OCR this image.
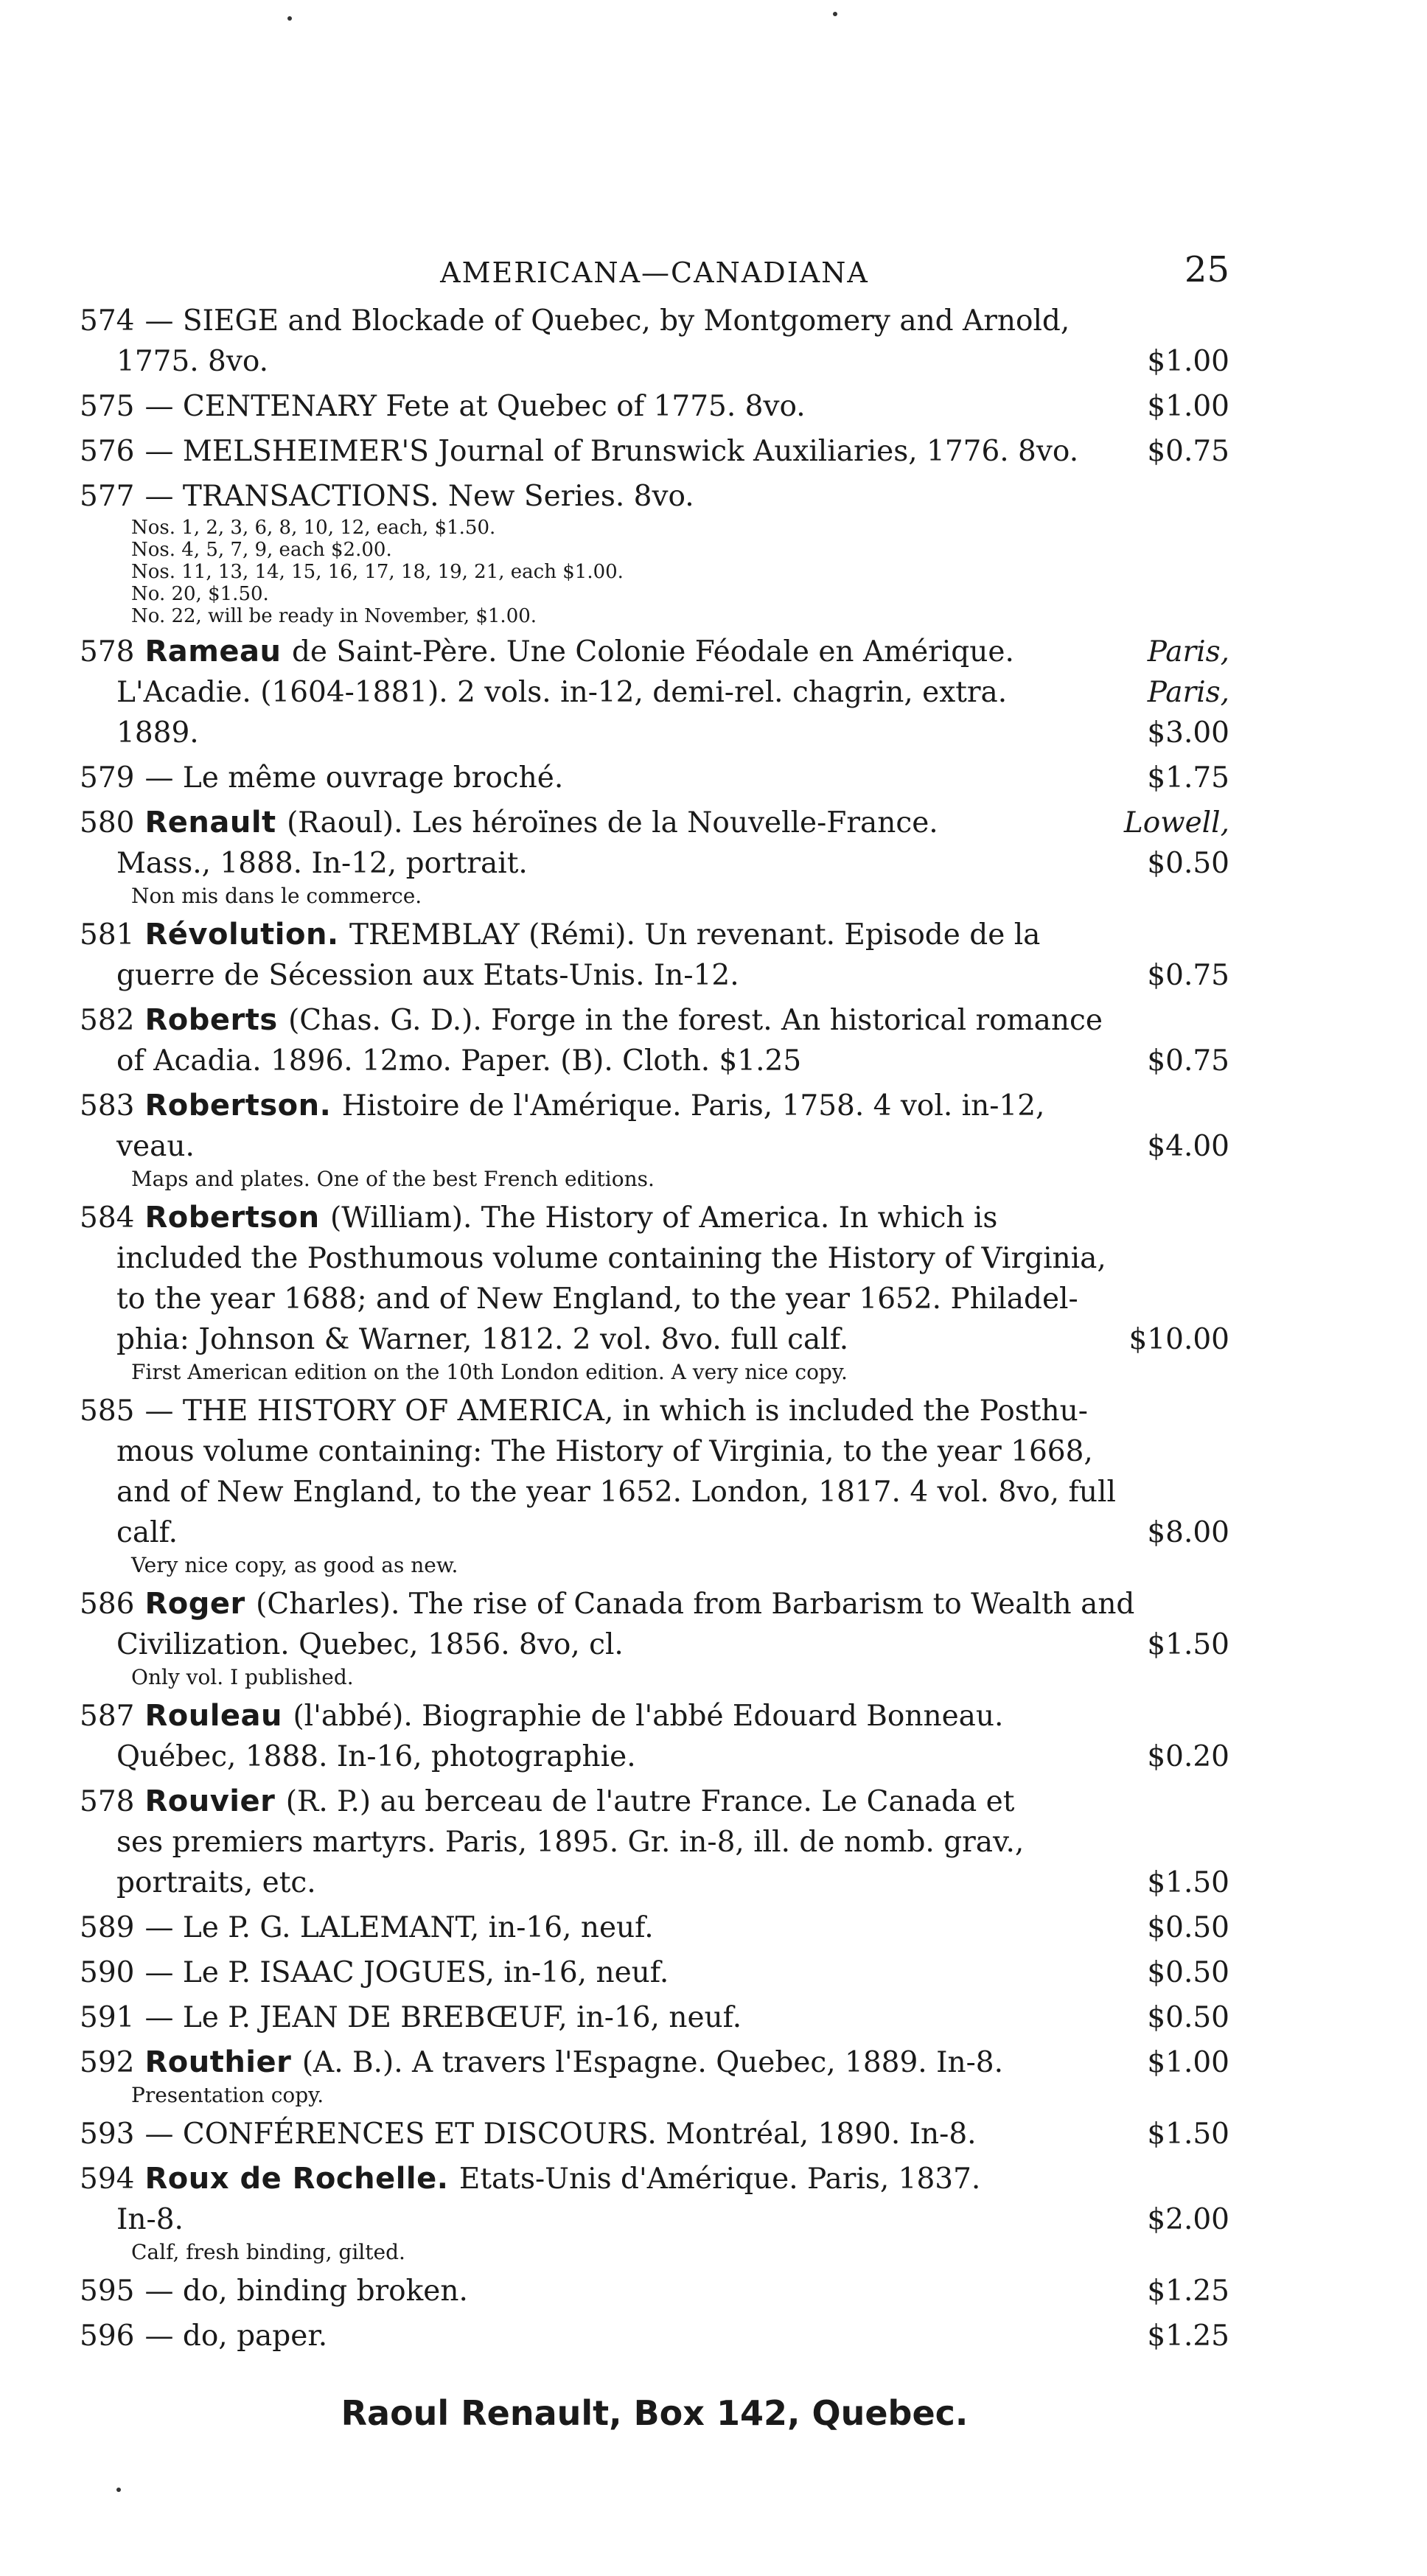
AMERICANA—CANADIANA	25
574 — SIEGE and Blockade of Quebec, by Montgomery and Arnold,
1775. 8vo.	$1.00
575 — CENTENARY Fete at Quebec of 1775. 8vo.	$1.00
576 — MELSHEIMER'S Journal of Brunswick Auxiliaries, 1776. 8vo. $0.75
577 — TRANSACTIONS. New Series. 8vo.
Nos. 1, 2, 3, 6, 8, 10, 12, each, $1.50.
Nos. 4, 5, 7, 9, each $2.00.
Nos. 11, 13, 14, 15, 16, 17, 18, 19, 21, each $1.00.
No. 20, $1.50.
No. 22, will be ready in November, $1.00.
578 Rameau de Saint-Père. Une Colonie Féodale en Amérique.	Paris,
L'Acadie. (1604-1881). 2 vols. in-12, demi-rel. chagrin, extra.	Paris,
1889.	$3.00
579 — Le même ouvrage broché.	$1.75
580 Renault (Raoul). Les héroïnes de la Nouvelle-France.	Lowell,
Mass., 1888. In-12, portrait.	$0.50
Non mis dans le commerce.
581 Révolution. TREMBLAY (Rémi). Un revenant. Episode de la
guerre de Sécession aux Etats-Unis. In-12.	$0.75
582 Roberts (Chas. G. D.). Forge in the forest. An historical romance
of Acadia. 1896. 12mo. Paper. (B). Cloth. $1.25	$0.75
583 Robertson. Histoire de l'Amérique. Paris, 1758. 4 vol. in-12,
veau.	$4.00
Maps and plates. One of the best French editions.
584 Robertson (William). The History of America. In which is
included the Posthumous volume containing the History of Virginia,
to the year 1688; and of New England, to the year 1652. Philadel-
phia: Johnson & Warner, 1812. 2 vol. 8vo. full calf.	$10.00
First American edition on the 10th London edition. A very nice copy.
585 — THE HISTORY OF AMERICA, in which is included the Posthu-
mous volume containing: The History of Virginia, to the year 1668,
and of New England, to the year 1652. London, 1817. 4 vol. 8vo, full
calf.	$8.00
Very nice copy, as good as new.
586 Roger (Charles). The rise of Canada from Barbarism to Wealth and
Civilization. Quebec, 1856. 8vo, cl.	$1.50
Only vol. I published.
587 Rouleau (l'abbé). Biographie de l'abbé Edouard Bonneau.
Québec, 1888. In-16, photographie.	$0.20
578 Rouvier (R. P.) au berceau de l'autre France. Le Canada et
ses premiers martyrs. Paris, 1895. Gr. in-8, ill. de nomb. grav.,
portraits, etc.	$1.50
589 — Le P. G. LALEMANT, in-16, neuf.	$0.50
590 — Le P. ISAAC JOGUES, in-16, neuf.	$0.50
591 — Le P. JEAN DE BREBŒUF, in-16, neuf.	$0.50
592 Routhier (A. B.). A travers l'Espagne. Quebec, 1889. In-8.	$1.00
Presentation copy.
593 — CONFÉRENCES ET DISCOURS. Montréal, 1890. In-8.	$1.50
594 Roux de Rochelle. Etats-Unis d'Amérique. Paris, 1837.
In-8.	$2.00
Calf, fresh binding, gilted.
595 — do, binding broken.	$1.25
596 — do, paper.	$1.25
Raoul Renault, Box 142, Quebec.
